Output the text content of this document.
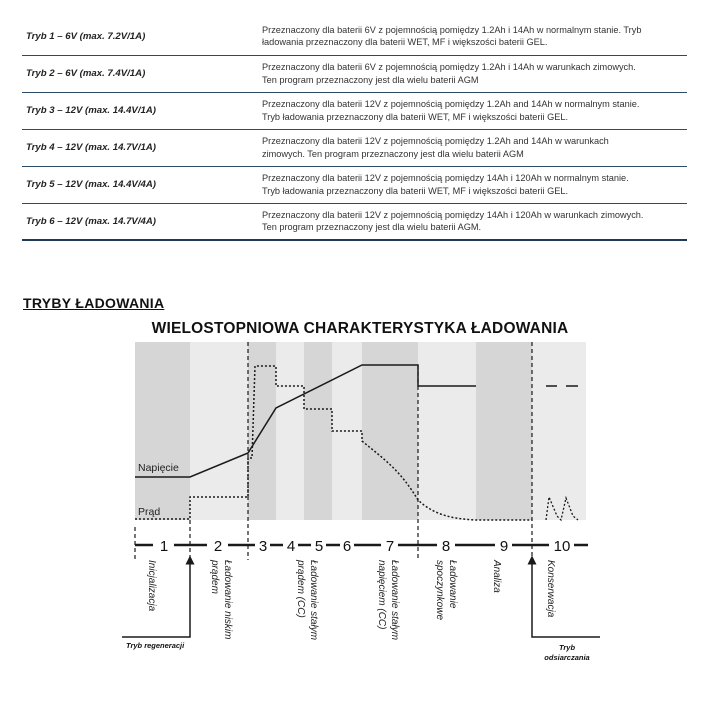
Tryb 1 – 6V (max. 7.2V/1A)	Przeznaczony dla baterii 6V z pojemnością pomiędzy 1.2Ah i 14Ah w normalnym stanie. Tryb
ładowania przeznaczony dla baterii WET, MF i większości baterii GEL.
Tryb 2 – 6V (max. 7.4V/1A)	Przeznaczony dla baterii 6V z pojemnością pomiędzy 1.2Ah i 14Ah w warunkach zimowych.
Ten program przeznaczony jest dla wielu baterii AGM
Tryb 3 – 12V (max. 14.4V/1A)	Przeznaczony dla baterii 12V z pojemnością pomiędzy 1.2Ah and 14Ah w normalnym stanie.
Tryb ładowania przeznaczony dla baterii WET, MF i większości baterii GEL.
Tryb 4 – 12V (max. 14.7V/1A)	Przeznaczony dla baterii 12V z pojemnością pomiędzy 1.2Ah and 14Ah w warunkach
zimowych. Ten program przeznaczony jest dla wielu baterii AGM
Tryb 5 – 12V (max. 14.4V/4A)	Przeznaczony dla baterii 12V z pojemnością pomiędzy 14Ah i 120Ah w normalnym stanie.
Tryb ładowania przeznaczony dla baterii WET, MF i większości baterii GEL.
Tryb 6 – 12V (max. 14.7V/4A)	Przeznaczony dla baterii 12V z pojemnością pomiędzy 14Ah i 120Ah w warunkach zimowych.
Ten program przeznaczony jest dla wielu baterii AGM.
TRYBY ŁADOWANIA
WIELOSTOPNIOWA CHARAKTERYSTYKA ŁADOWANIA
Napięcie
Prąd
1	2 3 4 5 6 7	8	9	10
Inicjalizacja	Ładowanie niskim
prądem	Ładowanie stałym
prądem (CC)	Ładowanie stałym
napięciem (CC)	Ładowanie
spoczynkowe	Analiza	Konserwacja
Tryb regeneracji	Tryb
odsiarczania
